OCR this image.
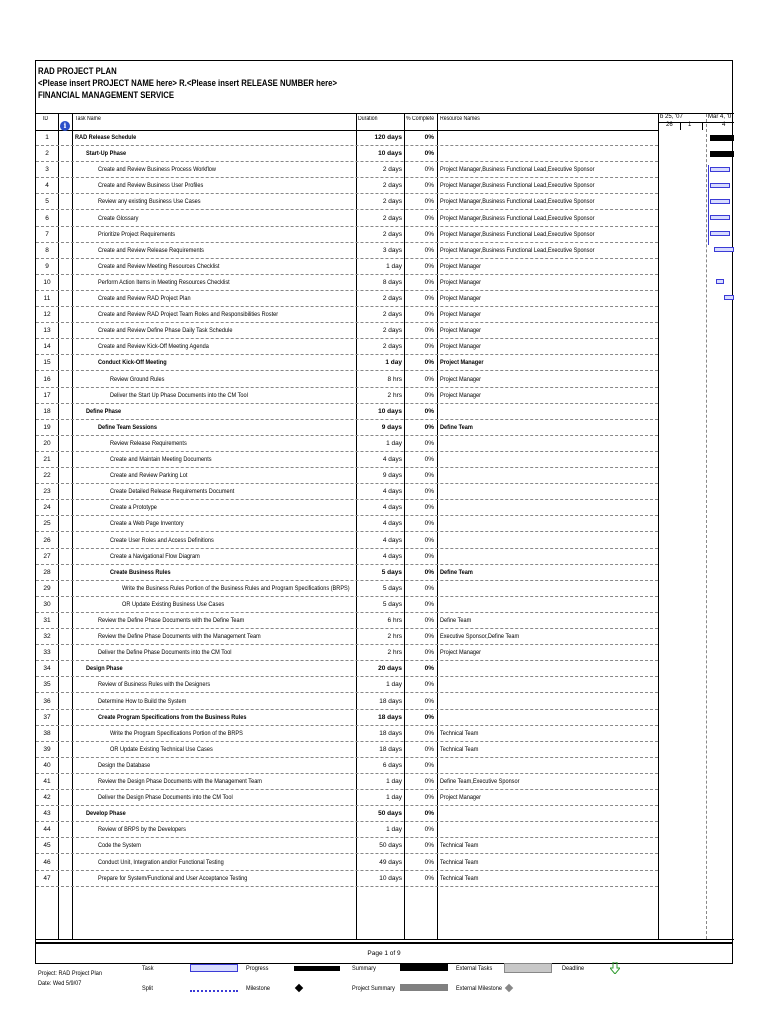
RAD PROJECT PLAN
<Please insert PROJECT NAME here> R.<Please insert RELEASE NUMBER here>
FINANCIAL MANAGEMENT SERVICE
ID
i
Task Name	Duration	% Complete Resource Names	b 25, '07	Mar 4, '0
26	1	4
1	RAD Release Schedule	120 days	0%
2	Start-Up Phase	10 days	0%
3	Create and Review Business Process Workflow	2 days	0% Project Manager,Business Functional Lead,Executive Sponsor
4	Create and Review Business User Profiles	2 days	0% Project Manager,Business Functional Lead,Executive Sponsor
5	Review any existing Business Use Cases	2 days	0% Project Manager,Business Functional Lead,Executive Sponsor
6	Create Glossary	2 days	0% Project Manager,Business Functional Lead,Executive Sponsor
7	Prioritize Project Requirements	2 days	0% Project Manager,Business Functional Lead,Executive Sponsor
8	Create and Review Release Requirements	3 days	0% Project Manager,Business Functional Lead,Executive Sponsor
9	Create and Review Meeting Resources Checklist	1 day	0% Project Manager
10	Perform Action Items in Meeting Resources Checklist	8 days	0% Project Manager
11	Create and Review RAD Project Plan	2 days	0% Project Manager
12	Create and Review RAD Project Team Roles and Responsibilities Roster	2 days	0% Project Manager
13	Create and Review Define Phase Daily Task Schedule	2 days	0% Project Manager
14	Create and Review Kick-Off Meeting Agenda	2 days	0% Project Manager
15	Conduct Kick-Off Meeting	1 day	0% Project Manager
16	Review Ground Rules	8 hrs	0% Project Manager
17	Deliver the Start Up Phase Documents into the CM Tool	2 hrs	0% Project Manager
18	Define Phase	10 days	0%
19	Define Team Sessions	9 days	0% Define Team
20	Review Release Requirements	1 day	0%
21	Create and Maintain Meeting Documents	4 days	0%
22	Create and Review Parking Lot	9 days	0%
23	Create Detailed Release Requirements Document	4 days	0%
24	Create a Prototype	4 days	0%
25	Create a Web Page Inventory	4 days	0%
26	Create User Roles and Access Definitions	4 days	0%
27	Create a Navigational Flow Diagram	4 days	0%
28	Create Business Rules	5 days	0% Define Team
29	Write the Business Rules Portion of the Business Rules and Program Specifications (BRPS)	5 days	0%
30	OR Update Existing Business Use Cases	5 days	0%
31	Review the Define Phase Documents with the Define Team	6 hrs	0% Define Team
32	Review the Define Phase Documents with the Management Team	2 hrs	0% Executive Sponsor,Define Team
33	Deliver the Define Phase Documents into the CM Tool	2 hrs	0% Project Manager
34	Design Phase	20 days	0%
35	Review of Business Rules with the Designers	1 day	0%
36	Determine How to Build the System	18 days	0%
37	Create Program Specifications from the Business Rules	18 days	0%
38	Write the Program Specifications Portion of the BRPS	18 days	0% Technical Team
39	OR Update Existing Technical Use Cases	18 days	0% Technical Team
40	Design the Database	6 days	0%
41	Review the Design Phase Documents with the Management Team	1 day	0% Define Team,Executive Sponsor
42	Deliver the Design Phase Documents into the CM Tool	1 day	0% Project Manager
43	Develop Phase	50 days	0%
44	Review of BRPS by the Developers	1 day	0%
45	Code the System	50 days	0% Technical Team
46	Conduct Unit, Integration and/or Functional Testing	49 days	0% Technical Team
47	Prepare for System/Functional and User Acceptance Testing	10 days	0% Technical Team
Project: RAD Project Plan
Date: Wed 5/9/07
Task
Split
Progress
Milestone
Summary
Project Summary
External Tasks
External Milestone
Deadline
Page 1 of 9
